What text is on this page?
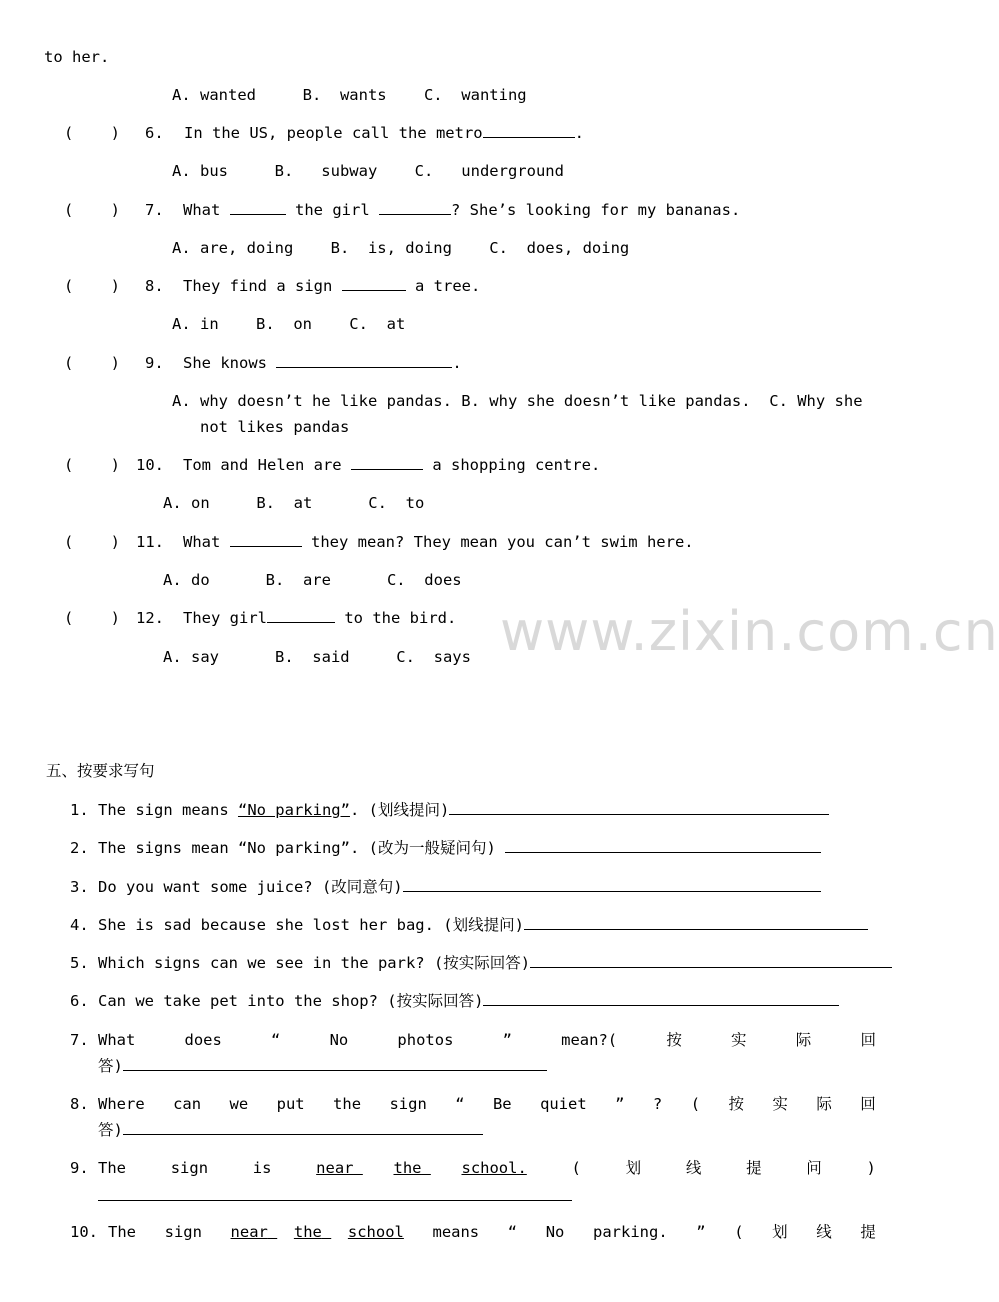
www.zixin.com.cn
to her.
A. wanted     B.  wants    C.  wanting
(    ) 6. In the US, people call the metro	.
A. bus     B.   subway    C.   underground
(    ) 7. What	the girl	? She’s looking for my bananas.
A. are, doing    B.  is, doing    C.  does, doing
(    ) 8. They find a sign	a tree.
A. in    B.  on    C.  at
(    ) 9. She knows	.
A. why doesn’t he like pandas. B. why she doesn’t like pandas.  C. Why she
not likes pandas
(    ) 10. Tom and Helen are	a shopping centre.
A. on     B.  at      C.  to
(    ) 11. What	they mean? They mean you can’t swim here.
A. do      B.  are      C.  does
(    ) 12. They girl	to the bird.
A. say      B.  said     C.  says
五、按要求写句
1. The sign means “No parking”. (划线提问)
2. The signs mean “No parking”. (改为一般疑问句)
3. Do you want some juice? (改同意句)
4. She is sad because she lost her bag. (划线提问)
5. Which signs can we see in the park? (按实际回答)
6. Can we take pet into the shop? (按实际回答)
7. What	does	“	No	photos	”	mean?(	按	实	际	回
答)
8. Where can we put the sign “ Be quiet ” ? ( 按 实 际 回
答)
9. The	sign	is	near
	the
	school.	(	划	线	提	问	)
10. The sign near
the
school means “ No parking. ” ( 划 线 提
